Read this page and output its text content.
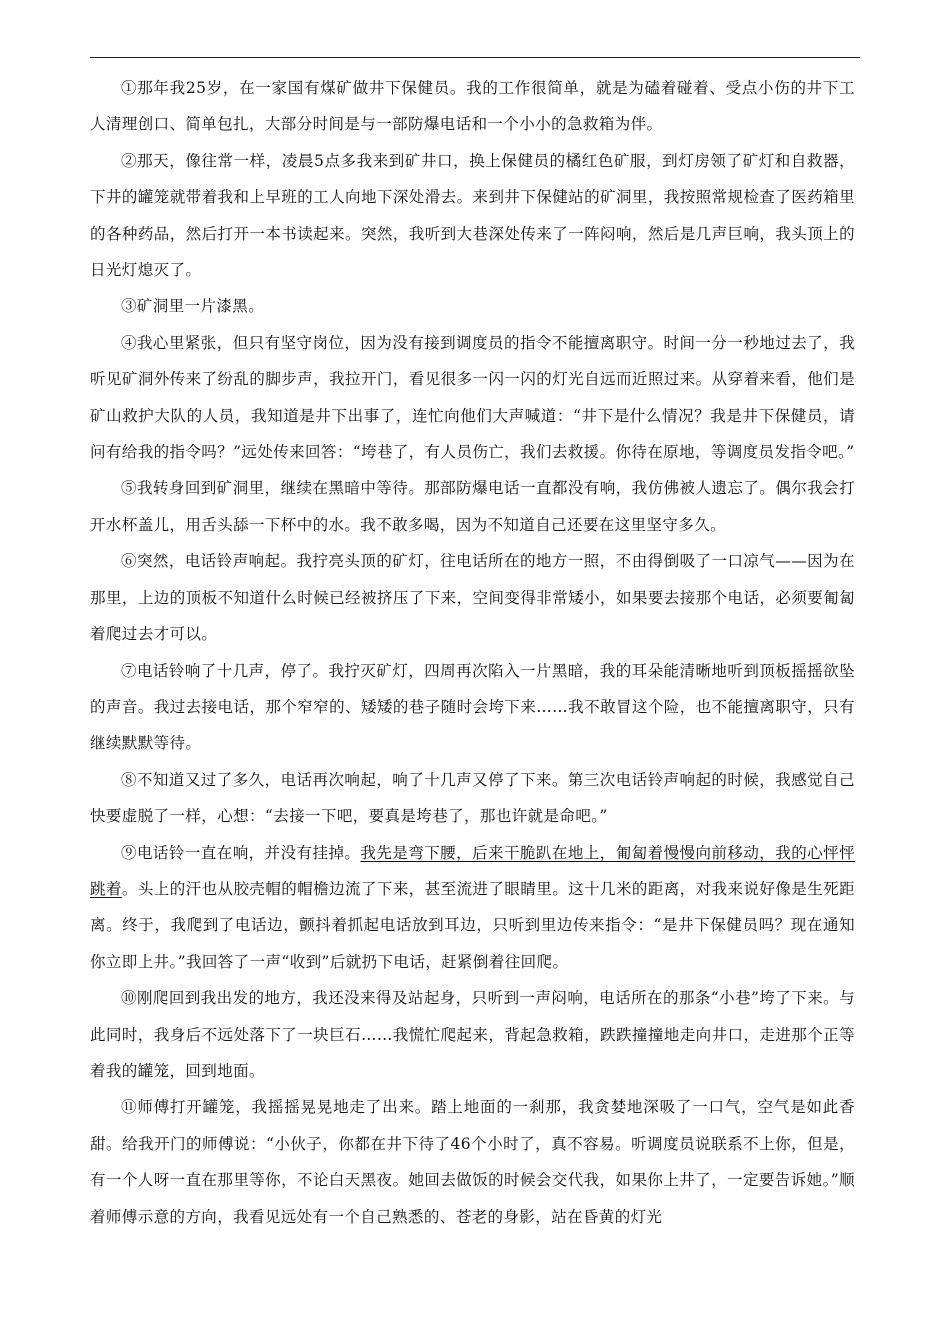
①那年我25岁，在一家国有煤矿做井下保健员。我的工作很简单，就是为磕着碰着、受点小伤的井下工人清理创口、简单包扎，大部分时间是与一部防爆电话和一个小小的急救箱为伴。

②那天，像往常一样，凌晨5点多我来到矿井口，换上保健员的橘红色矿服，到灯房领了矿灯和自救器，下井的罐笼就带着我和上早班的工人向地下深处滑去。来到井下保健站的矿洞里，我按照常规检查了医药箱里的各种药品，然后打开一本书读起来。突然，我听到大巷深处传来了一阵闷响，然后是几声巨响，我头顶上的日光灯熄灭了。

③矿洞里一片漆黑。

④我心里紧张，但只有坚守岗位，因为没有接到调度员的指令不能擅离职守。时间一分一秒地过去了，我听见矿洞外传来了纷乱的脚步声，我拉开门，看见很多一闪一闪的灯光自远而近照过来。从穿着来看，他们是矿山救护大队的人员，我知道是井下出事了，连忙向他们大声喊道：“井下是什么情况？我是井下保健员，请问有给我的指令吗？”远处传来回答：“垮巷了，有人员伤亡，我们去救援。你待在原地，等调度员发指令吧。”

⑤我转身回到矿洞里，继续在黑暗中等待。那部防爆电话一直都没有响，我仿佛被人遗忘了。偶尔我会打开水杯盖儿，用舌头舔一下杯中的水。我不敢多喝，因为不知道自己还要在这里坚守多久。

⑥突然，电话铃声响起。我拧亮头顶的矿灯，往电话所在的地方一照，不由得倒吸了一口凉气——因为在那里，上边的顶板不知道什么时候已经被挤压了下来，空间变得非常矮小，如果要去接那个电话，必须要匍匐着爬过去才可以。

⑦电话铃响了十几声，停了。我拧灭矿灯，四周再次陷入一片黑暗，我的耳朵能清晰地听到顶板摇摇欲坠的声音。我过去接电话，那个窄窄的、矮矮的巷子随时会垮下来……我不敢冒这个险，也不能擅离职守，只有继续默默等待。

⑧不知道又过了多久，电话再次响起，响了十几声又停了下来。第三次电话铃声响起的时候，我感觉自己快要虚脱了一样，心想：“去接一下吧，要真是垮巷了，那也许就是命吧。”

⑨电话铃一直在响，并没有挂掉。我先是弯下腰，后来干脆趴在地上，匍匐着慢慢向前移动，我的心怦怦跳着。头上的汗也从胶壳帽的帽檐边流了下来，甚至流进了眼睛里。这十几米的距离，对我来说好像是生死距离。终于，我爬到了电话边，颤抖着抓起电话放到耳边，只听到里边传来指令：“是井下保健员吗？现在通知你立即上井。”我回答了一声“收到”后就扔下电话，赶紧倒着往回爬。

⑩刚爬回到我出发的地方，我还没来得及站起身，只听到一声闷响，电话所在的那条“小巷”垮了下来。与此同时，我身后不远处落下了一块巨石……我慌忙爬起来，背起急救箱，跌跌撞撞地走向井口，走进那个正等着我的罐笼，回到地面。

⑪师傅打开罐笼，我摇摇晃晃地走了出来。踏上地面的一刹那，我贪婪地深吸了一口气，空气是如此香甜。给我开门的师傅说：“小伙子，你都在井下待了46个小时了，真不容易。听调度员说联系不上你，但是，有一个人呀一直在那里等你，不论白天黑夜。她回去做饭的时候会交代我，如果你上井了，一定要告诉她。”顺着师傅示意的方向，我看见远处有一个自己熟悉的、苍老的身影，站在昏黄的灯光
